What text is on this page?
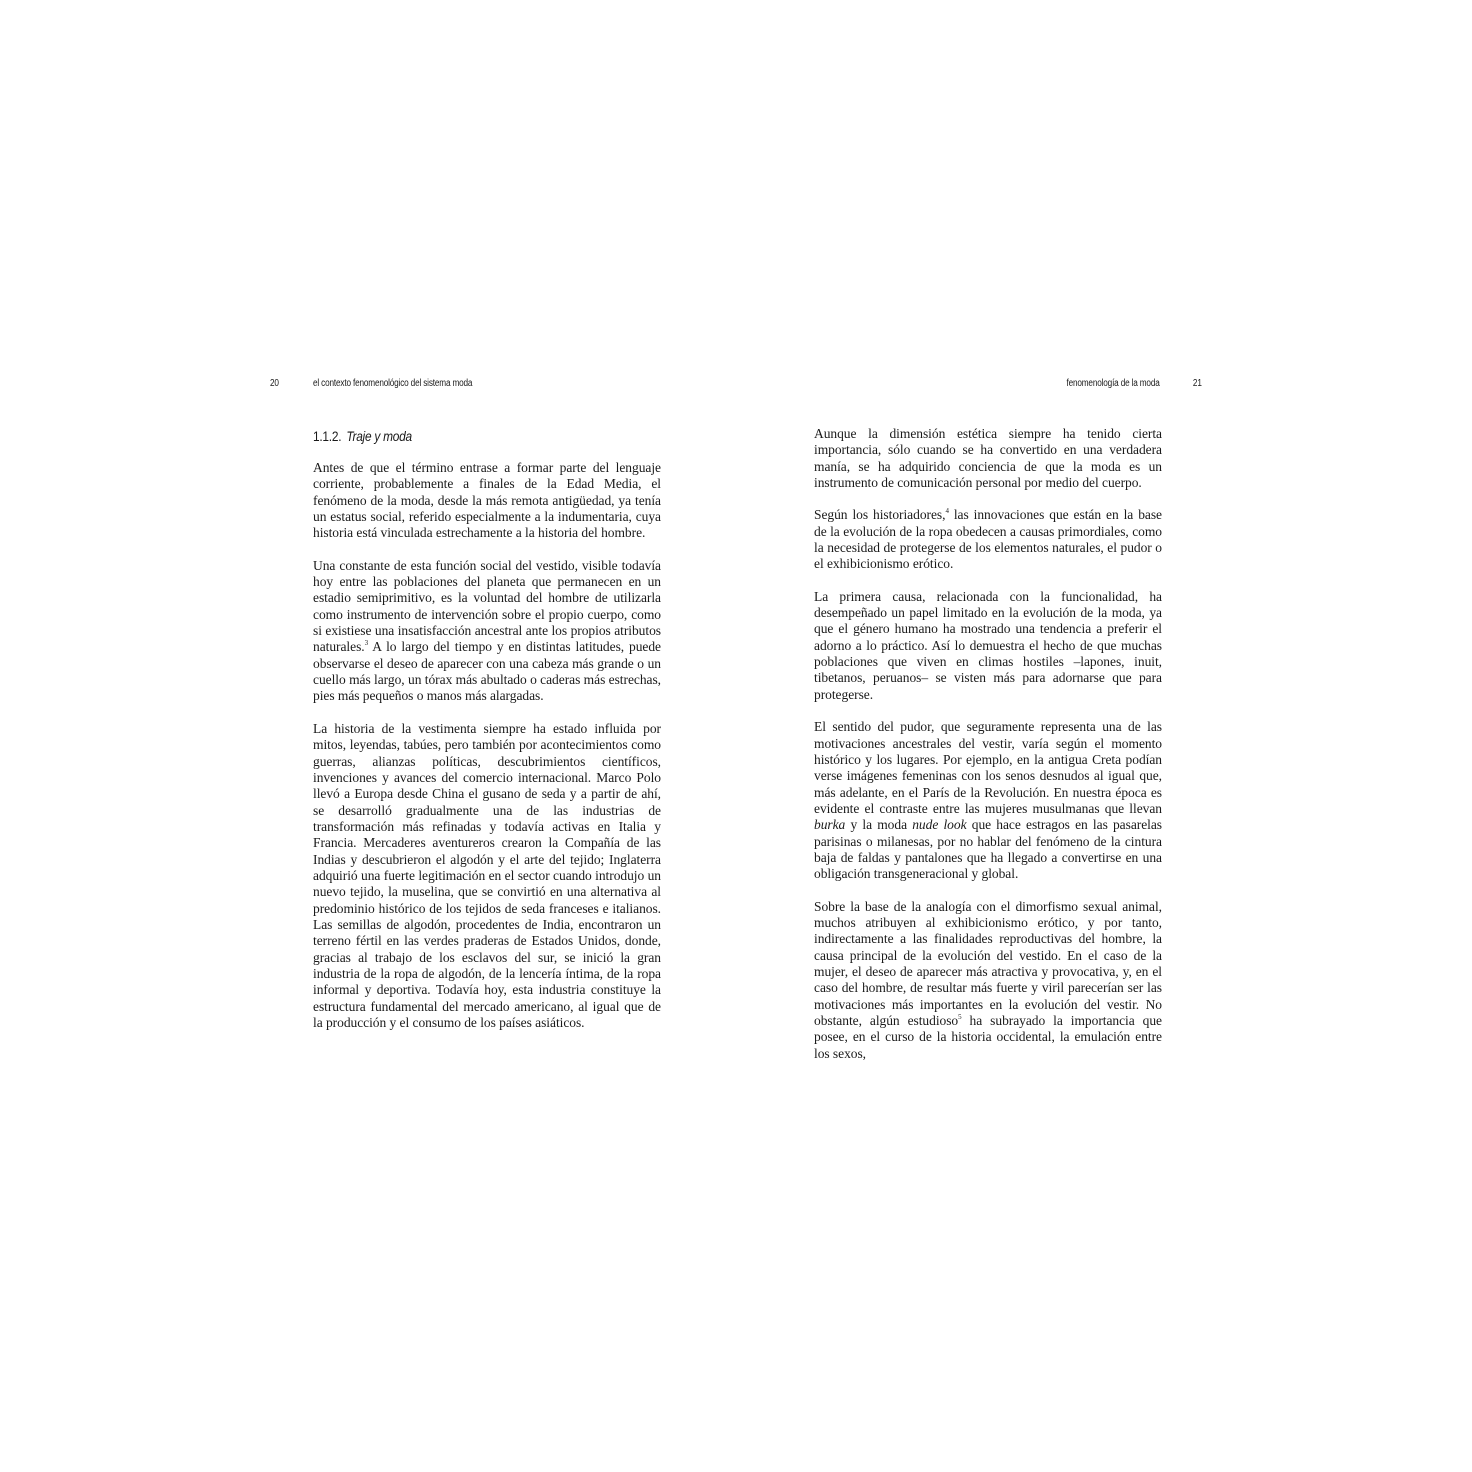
20	el contexto fenomenológico del sistema moda
1.1.2. Traje y moda

Antes de que el término entrase a formar parte del lenguaje corriente, probablemente a finales de la Edad Media, el fenómeno de la moda, desde la más remota antigüedad, ya tenía un estatus social, referido especialmente a la indumentaria, cuya historia está vinculada estrechamente a la historia del hombre.

Una constante de esta función social del vestido, visible todavía hoy entre las poblaciones del planeta que permanecen en un estadio semiprimitivo, es la voluntad del hombre de utilizarla como instrumento de intervención sobre el propio cuerpo, como si existiese una insatisfacción ancestral ante los propios atributos naturales.$^3$ A lo largo del tiempo y en distintas latitudes, puede observarse el deseo de aparecer con una cabeza más grande o un cuello más largo, un tórax más abultado o caderas más estrechas, pies más pequeños o manos más alargadas.

La historia de la vestimenta siempre ha estado influida por mitos, leyendas, tabúes, pero también por acontecimientos como guerras, alianzas políticas, descubrimientos científicos, invenciones y avances del comercio internacional. Marco Polo llevó a Europa desde China el gusano de seda y a partir de ahí, se desarrolló gradualmente una de las industrias de transformación más refinadas y todavía activas en Italia y Francia. Mercaderes aventureros crearon la Compañía de las Indias y descubrieron el algodón y el arte del tejido; Inglaterra adquirió una fuerte legitimación en el sector cuando introdujo un nuevo tejido, la muselina, que se convirtió en una alternativa al predominio histórico de los tejidos de seda franceses e italianos. Las semillas de algodón, procedentes de India, encontraron un terreno fértil en las verdes praderas de Estados Unidos, donde, gracias al trabajo de los esclavos del sur, se inició la gran industria de la ropa de algodón, de la lencería íntima, de la ropa informal y deportiva. Todavía hoy, esta industria constituye la estructura fundamental del mercado americano, al igual que de la producción y el consumo de los países asiáticos.

fenomenología de la moda	21

Aunque la dimensión estética siempre ha tenido cierta importancia, sólo cuando se ha convertido en una verdadera manía, se ha adquirido conciencia de que la moda es un instrumento de comunicación personal por medio del cuerpo.

Según los historiadores,$^4$ las innovaciones que están en la base de la evolución de la ropa obedecen a causas primordiales, como la necesidad de protegerse de los elementos naturales, el pudor o el exhibicionismo erótico.

La primera causa, relacionada con la funcionalidad, ha desempeñado un papel limitado en la evolución de la moda, ya que el género humano ha mostrado una tendencia a preferir el adorno a lo práctico. Así lo demuestra el hecho de que muchas poblaciones que viven en climas hostiles –lapones, inuit, tibetanos, peruanos– se visten más para adornarse que para protegerse.

El sentido del pudor, que seguramente representa una de las motivaciones ancestrales del vestir, varía según el momento histórico y los lugares. Por ejemplo, en la antigua Creta podían verse imágenes femeninas con los senos desnudos al igual que, más adelante, en el París de la Revolución. En nuestra época es evidente el contraste entre las mujeres musulmanas que llevan burka y la moda nude look que hace estragos en las pasarelas parisinas o milanesas, por no hablar del fenómeno de la cintura baja de faldas y pantalones que ha llegado a convertirse en una obligación transgeneracional y global.

Sobre la base de la analogía con el dimorfismo sexual animal, muchos atribuyen al exhibicionismo erótico, y por tanto, indirectamente a las finalidades reproductivas del hombre, la causa principal de la evolución del vestido. En el caso de la mujer, el deseo de aparecer más atractiva y provocativa, y, en el caso del hombre, de resultar más fuerte y viril parecerían ser las motivaciones más importantes en la evolución del vestir. No obstante, algún estudioso$^5$ ha subrayado la importancia que posee, en el curso de la historia occidental, la emulación entre los sexos,
